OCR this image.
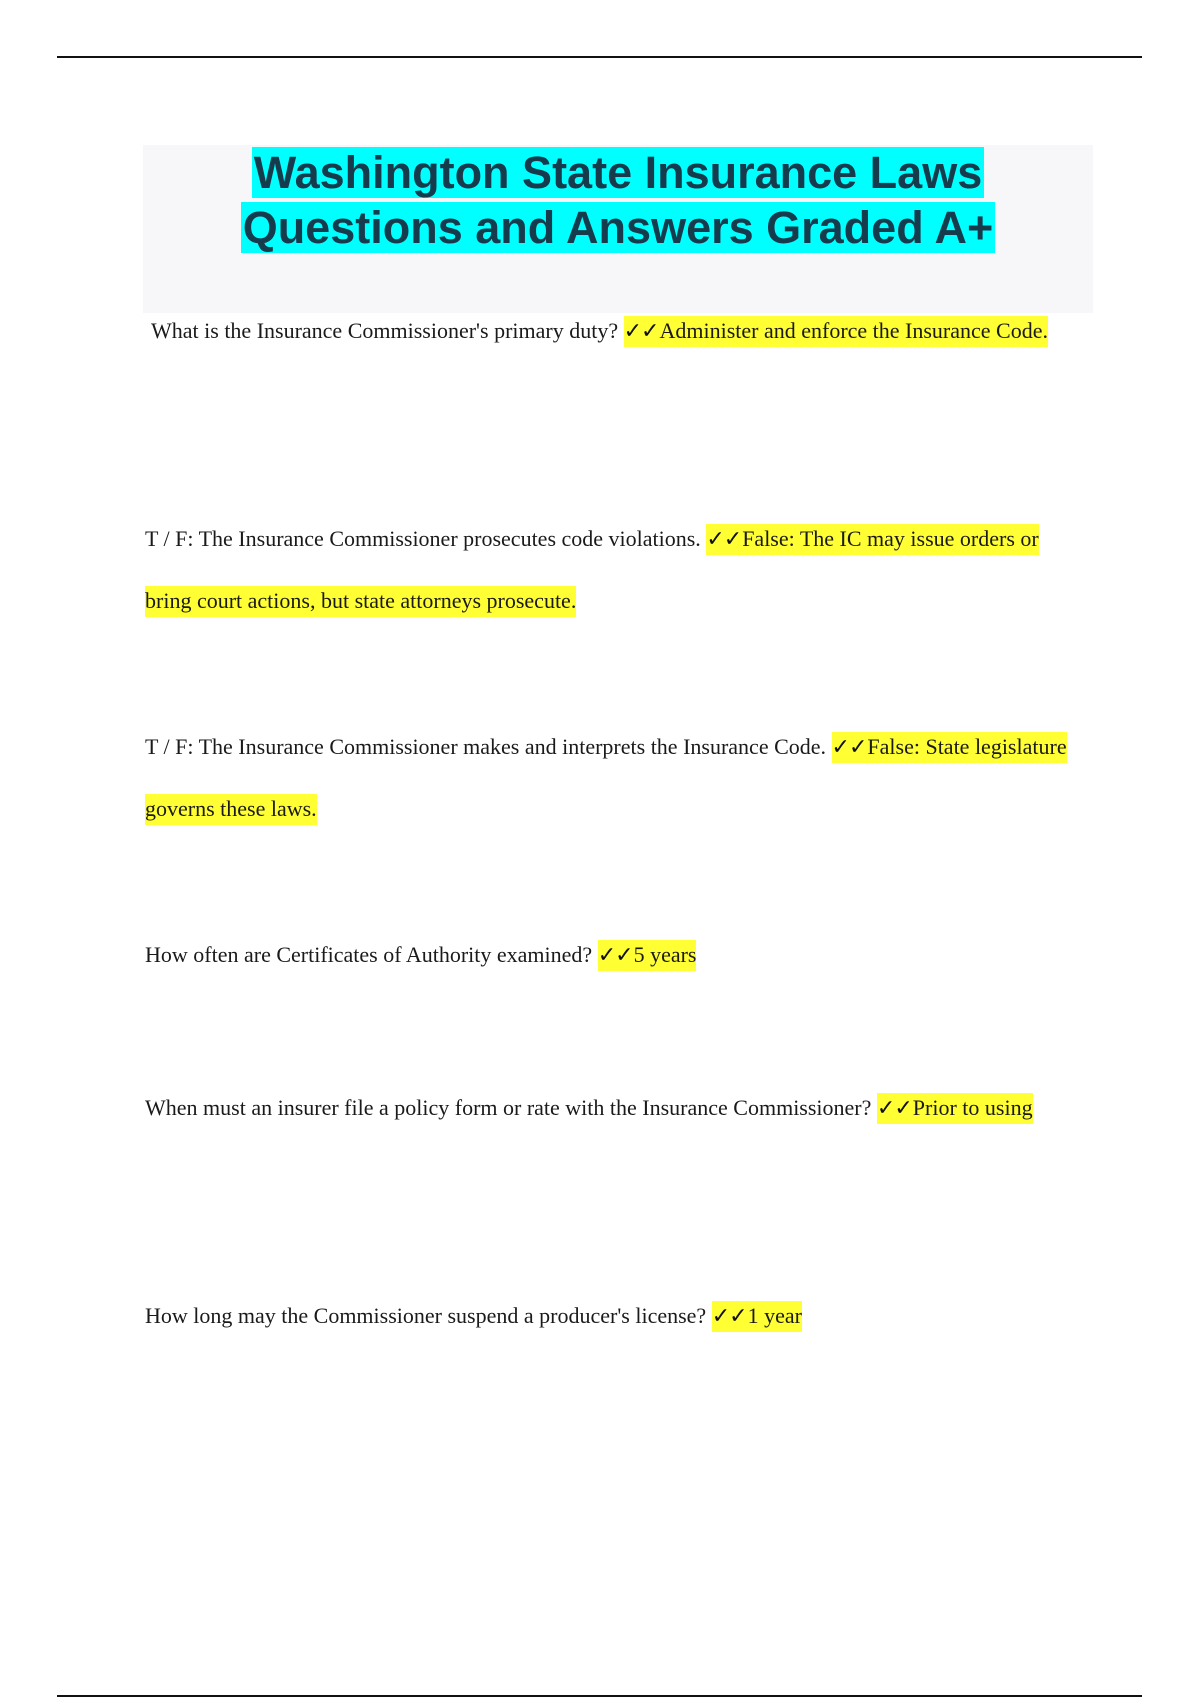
Washington State Insurance Laws Questions and Answers Graded A+

What is the Insurance Commissioner's primary duty? ✓✓Administer and enforce the Insurance Code.

T / F: The Insurance Commissioner prosecutes code violations. ✓✓False: The IC may issue orders or bring court actions, but state attorneys prosecute.

T / F: The Insurance Commissioner makes and interprets the Insurance Code. ✓✓False: State legislature governs these laws.

How often are Certificates of Authority examined? ✓✓5 years

When must an insurer file a policy form or rate with the Insurance Commissioner? ✓✓Prior to using

How long may the Commissioner suspend a producer's license? ✓✓1 year
